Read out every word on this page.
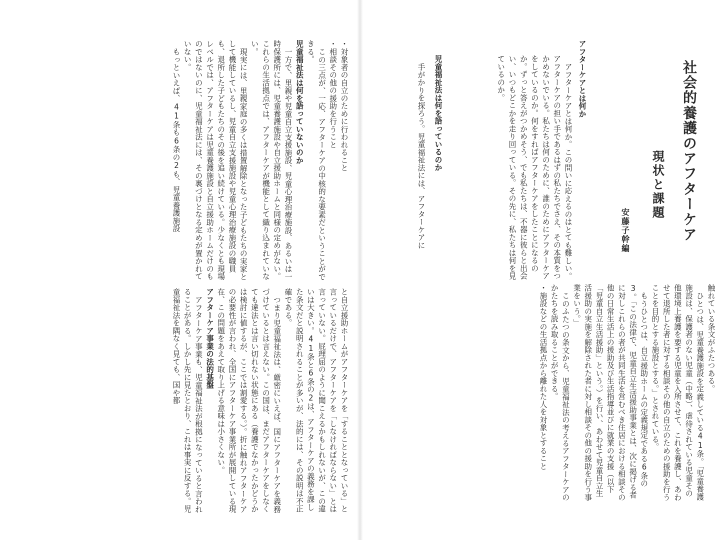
社会的養護のアフターケア
現状と課題
安藤子幹編
アフターケアとは何か

アフターケアとは何か。この問いに応えるのはとても難しい。アフターケアの担い手であるはずの私たちでさえ、その本質をつかめないでいる。私たちは何のために、誰のためにアフターケアをしているのか。何をすればアフターケアをしたことになるのか。ずっと答えがつかめそう、でも私たちは、不器に彼らと出会い、いつもどこかを走り回っている。その先に、私たちは何を見ているのか。

児童福祉法は何を語っているのか

手がかりを探ろう。児童福祉法には、アフターケアに

触れている条文がふたつある。

ひとつは、児童養護施設を定義している41条。「児童養護施設は、保護者のない児童（中略）、虐待されている児童その他環境上養護を要する児童を入所させて、これを養護し、あわせて退所した者に対する相談その他の自立のための援助を行うことを目的とする施設とする。」とされている。

もうひとつは、自立援助ホームの定義規定である6条の3。「この法律で、児童自立生活援助事業とは、次に掲げる者に対しこれらの者が共同生活を営むべき住居における相談その他の日常生活上の援助及び生活指導並びに就業の支援（以下「児童自立生活援助」という。）を行い、あわせて児童自立生活援助の実施を解除された者に対し相談その他の援助を行う事業をいう。」

このふたつの条文から、児童福祉法の考えるアフターケアのかたちを読み取ることができる。

・施設などの生活拠点から離れた人を対象とすること

・対象者の自立のために行われること

・相談その他の援助を行うこと

この三点が、一応、アフターケアの中核的な要素だということができる。

児童福祉法は何を語っていないのか

一方で、里親や児童自立支援施設、児童心理治療施設、あるいは一時保護所には、児童養護施設や自立援助ホームと同様の定めがない。これらの生活拠点では、アフターケアが機能として織り込まれていない。

現実には、里親家庭の多くは措置解除となった子どもたちの実家として機能しているし、児童自立支援施設や児童心理治療施設の職員も、退所した子どもたちのその後を追い続けている。少なくとも現場レベルでは、アフターケアは児童養護施設と自立援助ホームだけのものではないのに、児童福祉法には、その裏づけとなる定めが置かれていない。

もっといえば、41条も6条の2も、児童養護施設

と自立援助ホームがアフターケアを「することとなっている」と言っているだけで、アフターケアを「しなければならない」とは言っていない。屁理屈のように聞こえるかもしれないが、この違いは大きい。41条と6条の2は、アフターケアの義務を課した条文だと説明されることが多いが、法的には、その説明は不正確である。

つまり児童福祉法は、厳密にいえば、国にアフターケアを義務づけているとは言えない。この国は、まだアフターケアをしなくても違法とは言い切れない状態にある（養護でなかったかどうかは検討に値するが、ここでは割愛する。）。折に触れアフターケアの必要性が言われ、全国にアフターケア事業所が展開している現在、この問題をあえて取り上げる意味は小さくない。

アフターケア事業の法的基盤

アフターケア事業も、児童福祉法が根拠になっていると言われることがある。しかし先に見たとおり、これは事実に反する。児童福祉法を隅なく見ても、国や都
